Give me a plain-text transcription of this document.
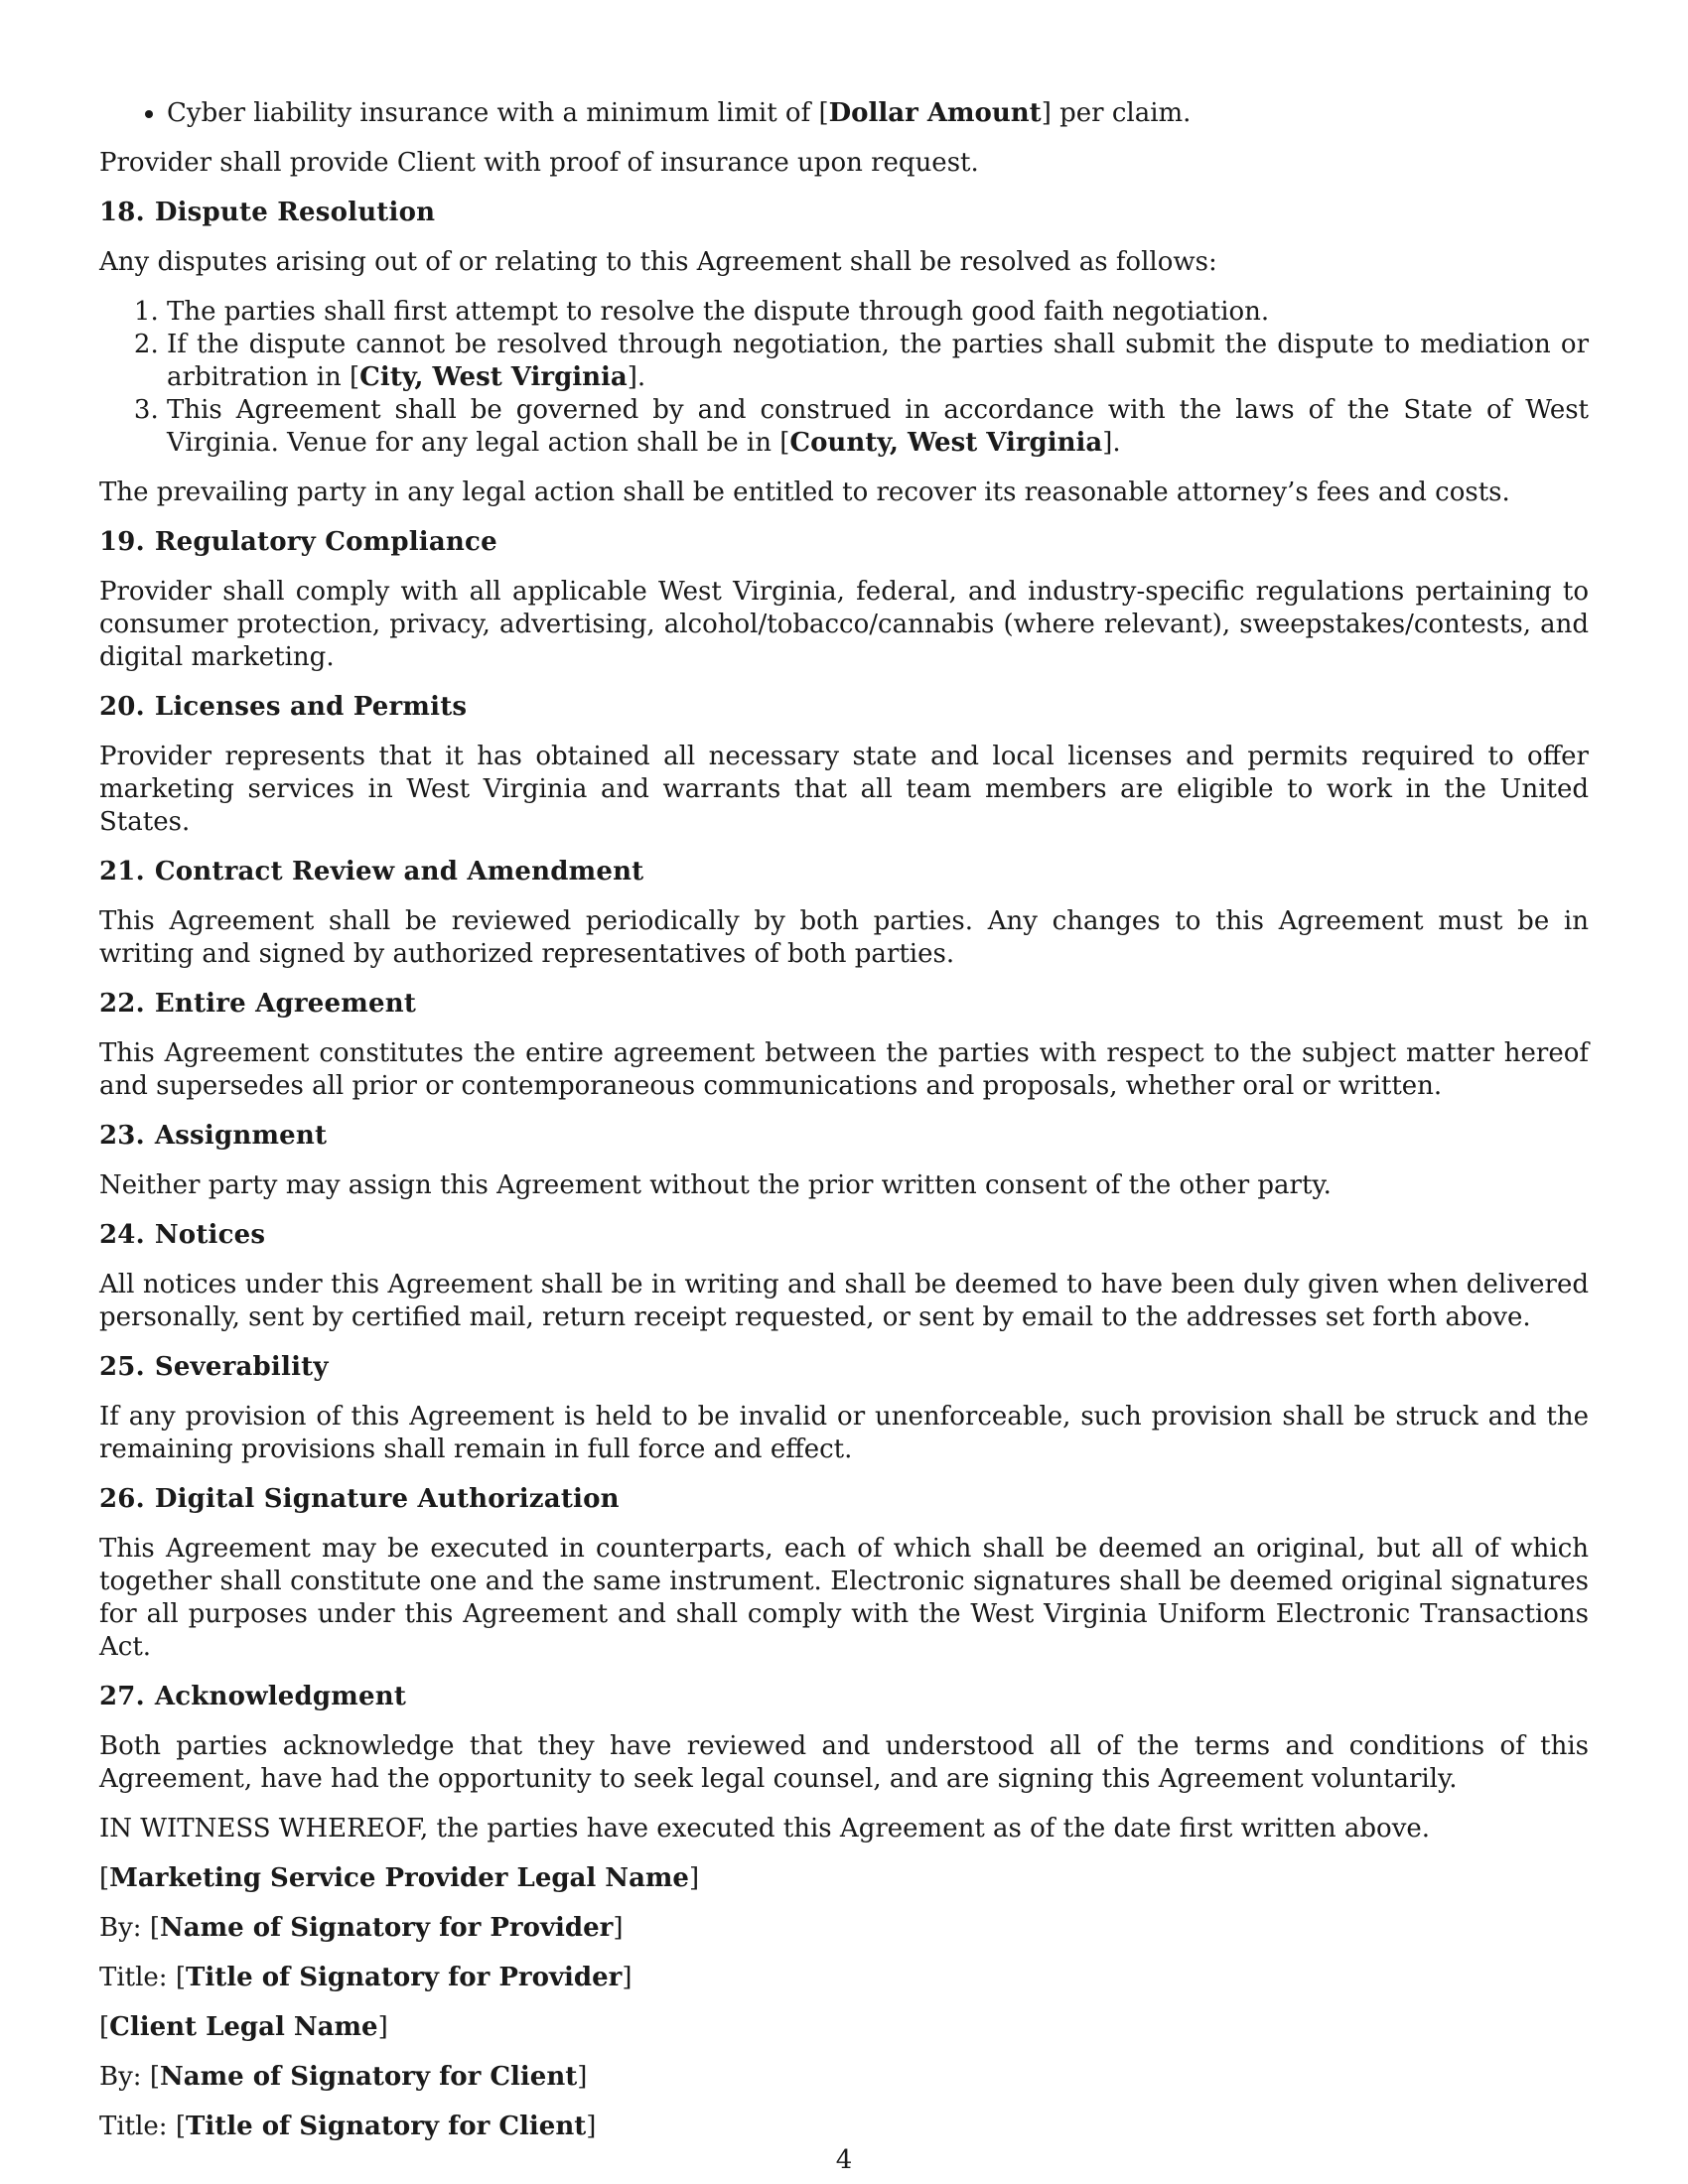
• Cyber liability insurance with a minimum limit of [Dollar Amount] per claim.

Provider shall provide Client with proof of insurance upon request.

18. Dispute Resolution

Any disputes arising out of or relating to this Agreement shall be resolved as follows:

1. The parties shall first attempt to resolve the dispute through good faith negotiation.
2. If the dispute cannot be resolved through negotiation, the parties shall submit the dispute to mediation or arbitration in [City, West Virginia].
3. This Agreement shall be governed by and construed in accordance with the laws of the State of West Virginia. Venue for any legal action shall be in [County, West Virginia].

The prevailing party in any legal action shall be entitled to recover its reasonable attorney’s fees and costs.

19. Regulatory Compliance

Provider shall comply with all applicable West Virginia, federal, and industry-specific regulations pertaining to consumer protection, privacy, advertising, alcohol/tobacco/cannabis (where relevant), sweepstakes/contests, and digital marketing.

20. Licenses and Permits

Provider represents that it has obtained all necessary state and local licenses and permits required to offer marketing services in West Virginia and warrants that all team members are eligible to work in the United States.

21. Contract Review and Amendment

This Agreement shall be reviewed periodically by both parties. Any changes to this Agreement must be in writing and signed by authorized representatives of both parties.

22. Entire Agreement

This Agreement constitutes the entire agreement between the parties with respect to the subject matter hereof and supersedes all prior or contemporaneous communications and proposals, whether oral or written.

23. Assignment

Neither party may assign this Agreement without the prior written consent of the other party.

24. Notices

All notices under this Agreement shall be in writing and shall be deemed to have been duly given when delivered personally, sent by certified mail, return receipt requested, or sent by email to the addresses set forth above.

25. Severability

If any provision of this Agreement is held to be invalid or unenforceable, such provision shall be struck and the remaining provisions shall remain in full force and effect.

26. Digital Signature Authorization

This Agreement may be executed in counterparts, each of which shall be deemed an original, but all of which together shall constitute one and the same instrument. Electronic signatures shall be deemed original signatures for all purposes under this Agreement and shall comply with the West Virginia Uniform Electronic Transactions Act.

27. Acknowledgment

Both parties acknowledge that they have reviewed and understood all of the terms and conditions of this Agreement, have had the opportunity to seek legal counsel, and are signing this Agreement voluntarily.

IN WITNESS WHEREOF, the parties have executed this Agreement as of the date first written above.

[Marketing Service Provider Legal Name]

By: [Name of Signatory for Provider]

Title: [Title of Signatory for Provider]

[Client Legal Name]

By: [Name of Signatory for Client]

Title: [Title of Signatory for Client]

4
